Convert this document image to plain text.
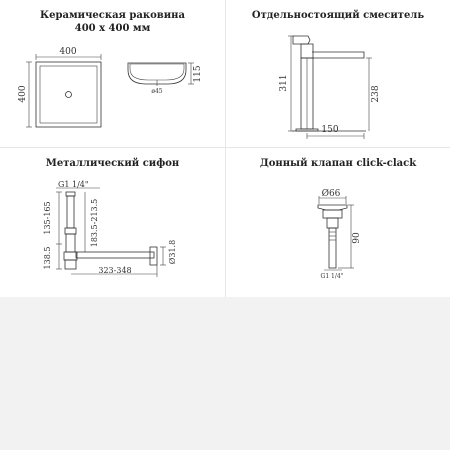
Керамическая раковина
400 x 400 мм
400
400
115
ø45
Отдельностоящий смеситель
311
238
150
Металлический сифон
G1 1/4"
135-165
138.5
183.5-213.5
323-348
Ø31.8
Донный клапан click-clack
Ø66
90
G1 1/4"
